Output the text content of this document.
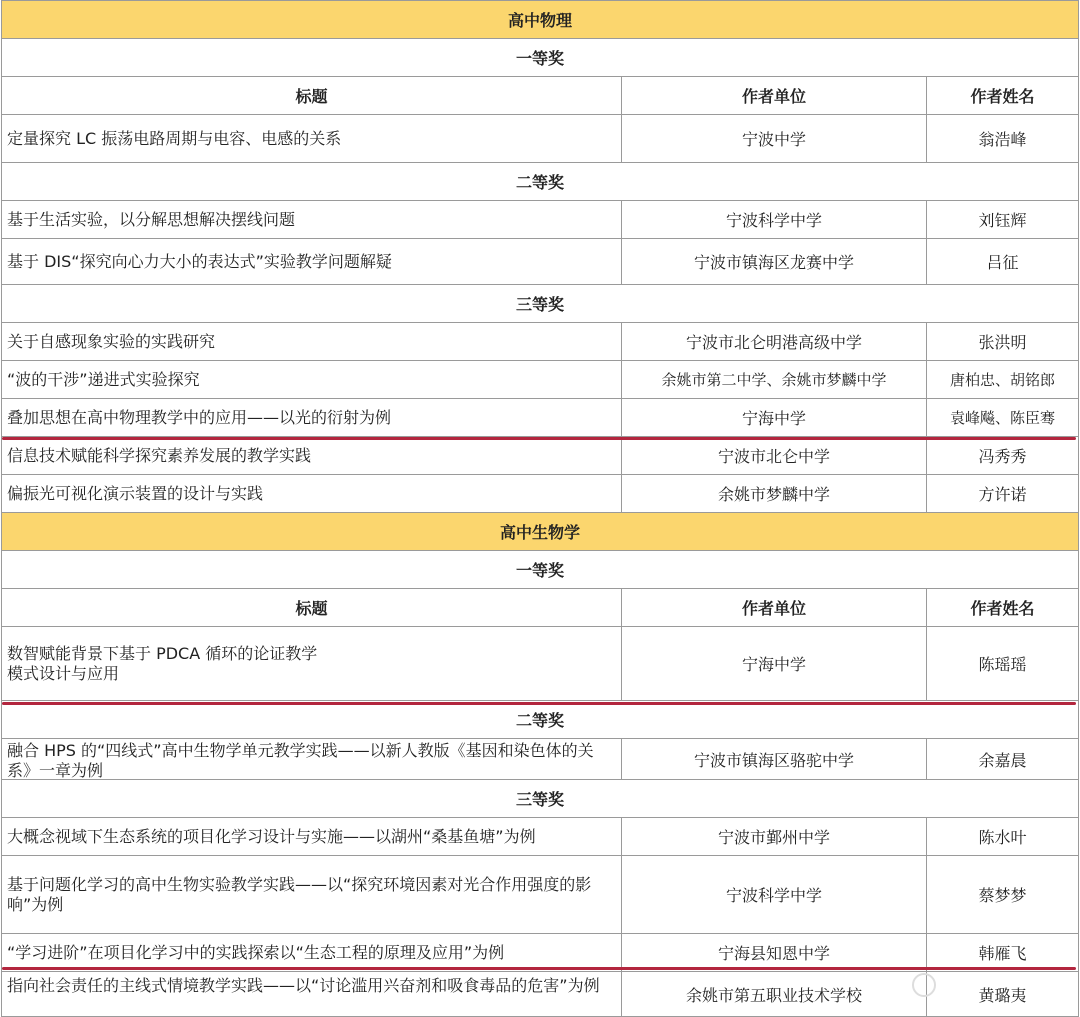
高中物理		
一等奖		
标题	作者单位	作者姓名
定量探究 LC 振荡电路周期与电容、电感的关系	宁波中学	翁浩峰
二等奖		
基于生活实验，以分解思想解决摆线问题	宁波科学中学	刘钰辉
基于 DIS“探究向心力大小的表达式”实验教学问题解疑	宁波市镇海区龙赛中学	吕征
三等奖		
关于自感现象实验的实践研究	宁波市北仑明港高级中学	张洪明
“波的干涉”递进式实验探究	余姚市第二中学、余姚市梦麟中学	唐柏忠、胡铭郎
叠加思想在高中物理教学中的应用——以光的衍射为例	宁海中学	袁峰飚、陈臣骞
信息技术赋能科学探究素养发展的教学实践	宁波市北仑中学	冯秀秀
偏振光可视化演示装置的设计与实践	余姚市梦麟中学	方许诺
高中生物学		
一等奖		
标题	作者单位	作者姓名

数智赋能背景下基于 PDCA 循环的论证教学
模式设计与应用	宁海中学	陈瑶瑶
二等奖		

融合 HPS 的“四线式”高中生物学单元教学实践——以新人教版《基因和染色体的关系》一章为例	宁波市镇海区骆驼中学	余嘉晨
三等奖		
大概念视域下生态系统的项目化学习设计与实施——以湖州“桑基鱼塘”为例	宁波市鄞州中学	陈水叶
基于问题化学习的高中生物实验教学实践——以“探究环境因素对光合作用强度的影响”为例	宁波科学中学	蔡梦梦
“学习进阶”在项目化学习中的实践探索以“生态工程的原理及应用”为例	宁海县知恩中学	韩雁飞

指向社会责任的主线式情境教学实践——以“讨论滥用兴奋剂和吸食毒品的危害”为例	余姚市第五职业技术学校	黄璐夷
